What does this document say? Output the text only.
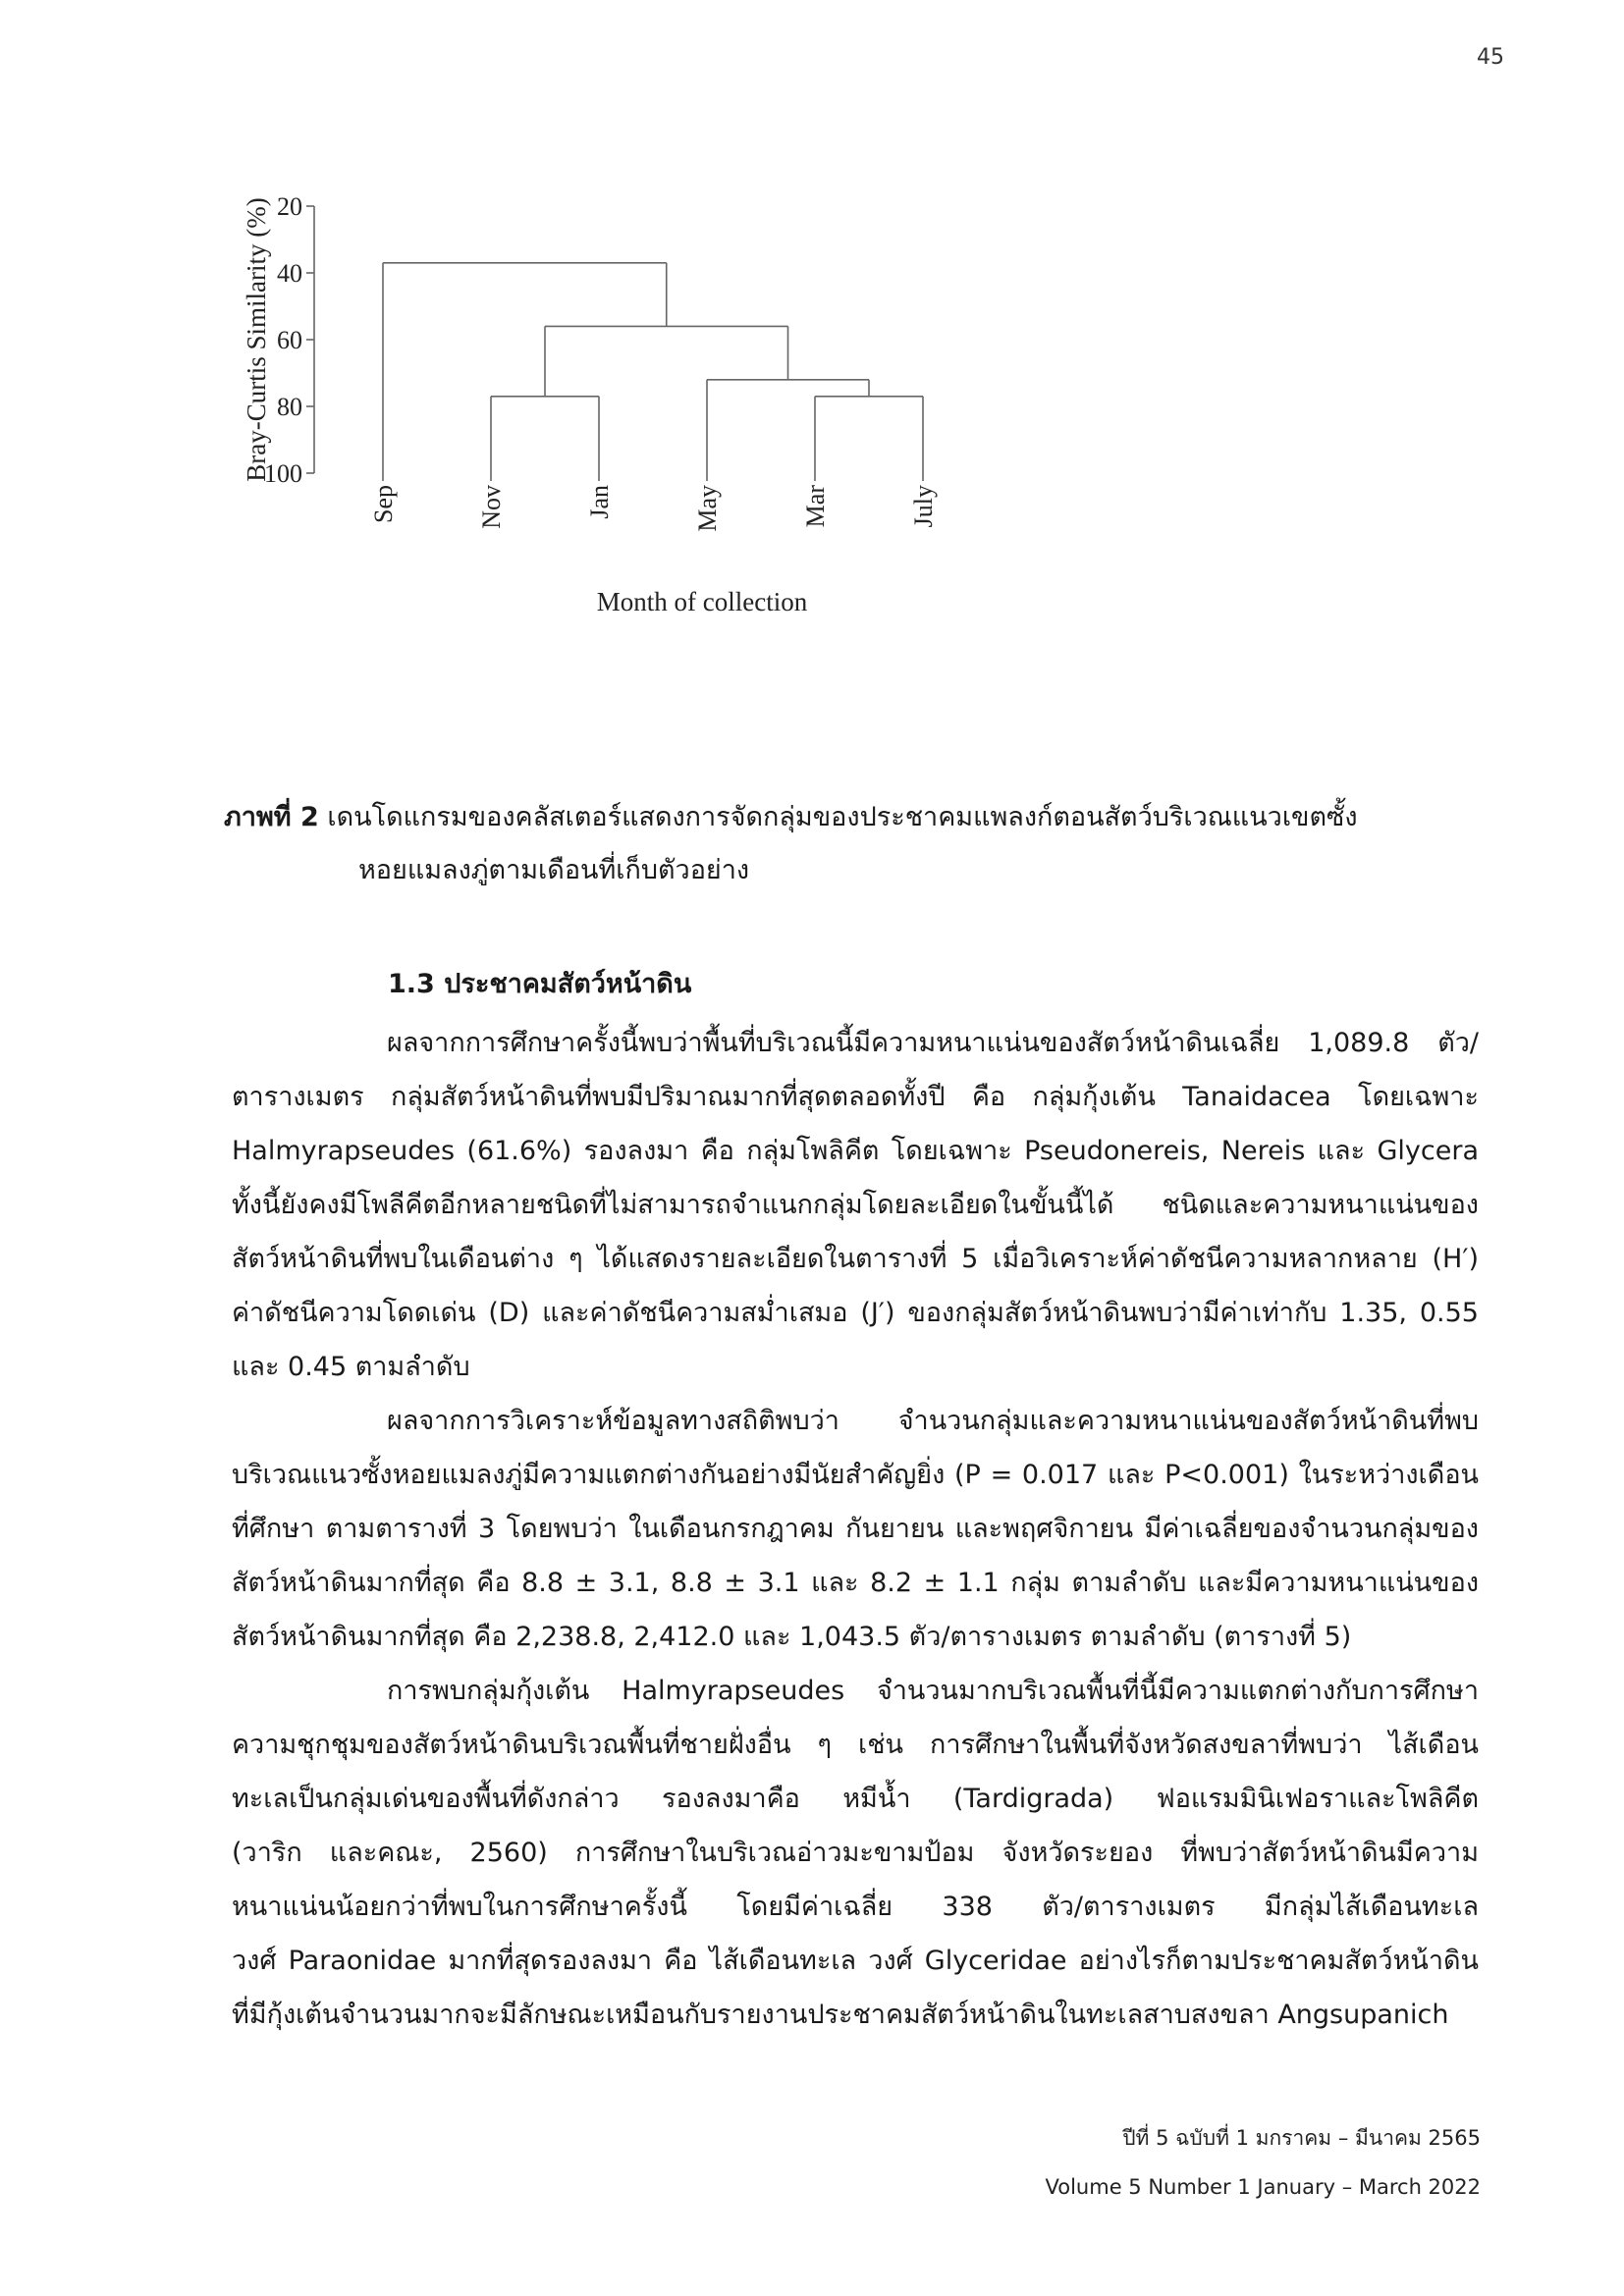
45
20
40
60
80
100
Bray-Curtis Similarity (%)
Sep	Nov	Jan	May	Mar	July
Month of collection
ภาพที่ 2 เดนโดแกรมของคลัสเตอร์แสดงการจัดกลุ่มของประชาคมแพลงก์ตอนสัตว์บริเวณแนวเขตซั้ง
หอยแมลงภู่ตามเดือนที่เก็บตัวอย่าง
1.3 ประชาคมสัตว์หน้าดิน
ผลจากการศึกษาครั้งนี้พบว่าพื้นที่บริเวณนี้มีความหนาแน่นของสัตว์หน้าดินเฉลี่ย 1,089.8 ตัว/
ตารางเมตร กลุ่มสัตว์หน้าดินที่พบมีปริมาณมากที่สุดตลอดทั้งปี คือ กลุ่มกุ้งเต้น Tanaidacea โดยเฉพาะ
Halmyrapseudes (61.6%) รองลงมา คือ กลุ่มโพลิคีต โดยเฉพาะ Pseudonereis, Nereis และ Glycera
ทั้งนี้ยังคงมีโพลีคีตอีกหลายชนิดที่ไม่สามารถจำแนกกลุ่มโดยละเอียดในขั้นนี้ได้ ชนิดและความหนาแน่นของ
สัตว์หน้าดินที่พบในเดือนต่าง ๆ ได้แสดงรายละเอียดในตารางที่ 5 เมื่อวิเคราะห์ค่าดัชนีความหลากหลาย (H′)
ค่าดัชนีความโดดเด่น (D) และค่าดัชนีความสม่ำเสมอ (J′) ของกลุ่มสัตว์หน้าดินพบว่ามีค่าเท่ากับ 1.35, 0.55
และ 0.45 ตามลำดับ
ผลจากการวิเคราะห์ข้อมูลทางสถิติพบว่า จำนวนกลุ่มและความหนาแน่นของสัตว์หน้าดินที่พบ
บริเวณแนวซั้งหอยแมลงภู่มีความแตกต่างกันอย่างมีนัยสำคัญยิ่ง (P = 0.017 และ P<0.001) ในระหว่างเดือน
ที่ศึกษา ตามตารางที่ 3 โดยพบว่า ในเดือนกรกฎาคม กันยายน และพฤศจิกายน มีค่าเฉลี่ยของจำนวนกลุ่มของ
สัตว์หน้าดินมากที่สุด คือ 8.8 ± 3.1, 8.8 ± 3.1 และ 8.2 ± 1.1 กลุ่ม ตามลำดับ และมีความหนาแน่นของ
สัตว์หน้าดินมากที่สุด คือ 2,238.8, 2,412.0 และ 1,043.5 ตัว/ตารางเมตร ตามลำดับ (ตารางที่ 5)
การพบกลุ่มกุ้งเต้น Halmyrapseudes จำนวนมากบริเวณพื้นที่นี้มีความแตกต่างกับการศึกษา
ความชุกชุมของสัตว์หน้าดินบริเวณพื้นที่ชายฝั่งอื่น ๆ เช่น การศึกษาในพื้นที่จังหวัดสงขลาที่พบว่า ไส้เดือน
ทะเลเป็นกลุ่มเด่นของพื้นที่ดังกล่าว รองลงมาคือ หมีน้ำ (Tardigrada) ฟอแรมมินิเฟอราและโพลิคีต
(วาริก และคณะ, 2560) การศึกษาในบริเวณอ่าวมะขามป้อม จังหวัดระยอง ที่พบว่าสัตว์หน้าดินมีความ
หนาแน่นน้อยกว่าที่พบในการศึกษาครั้งนี้ โดยมีค่าเฉลี่ย 338 ตัว/ตารางเมตร มีกลุ่มไส้เดือนทะเล
วงศ์ Paraonidae มากที่สุดรองลงมา คือ ไส้เดือนทะเล วงศ์ Glyceridae อย่างไรก็ตามประชาคมสัตว์หน้าดิน
ที่มีกุ้งเต้นจำนวนมากจะมีลักษณะเหมือนกับรายงานประชาคมสัตว์หน้าดินในทะเลสาบสงขลา Angsupanich
ปีที่ 5 ฉบับที่ 1 มกราคม – มีนาคม 2565
Volume 5 Number 1 January – March 2022
